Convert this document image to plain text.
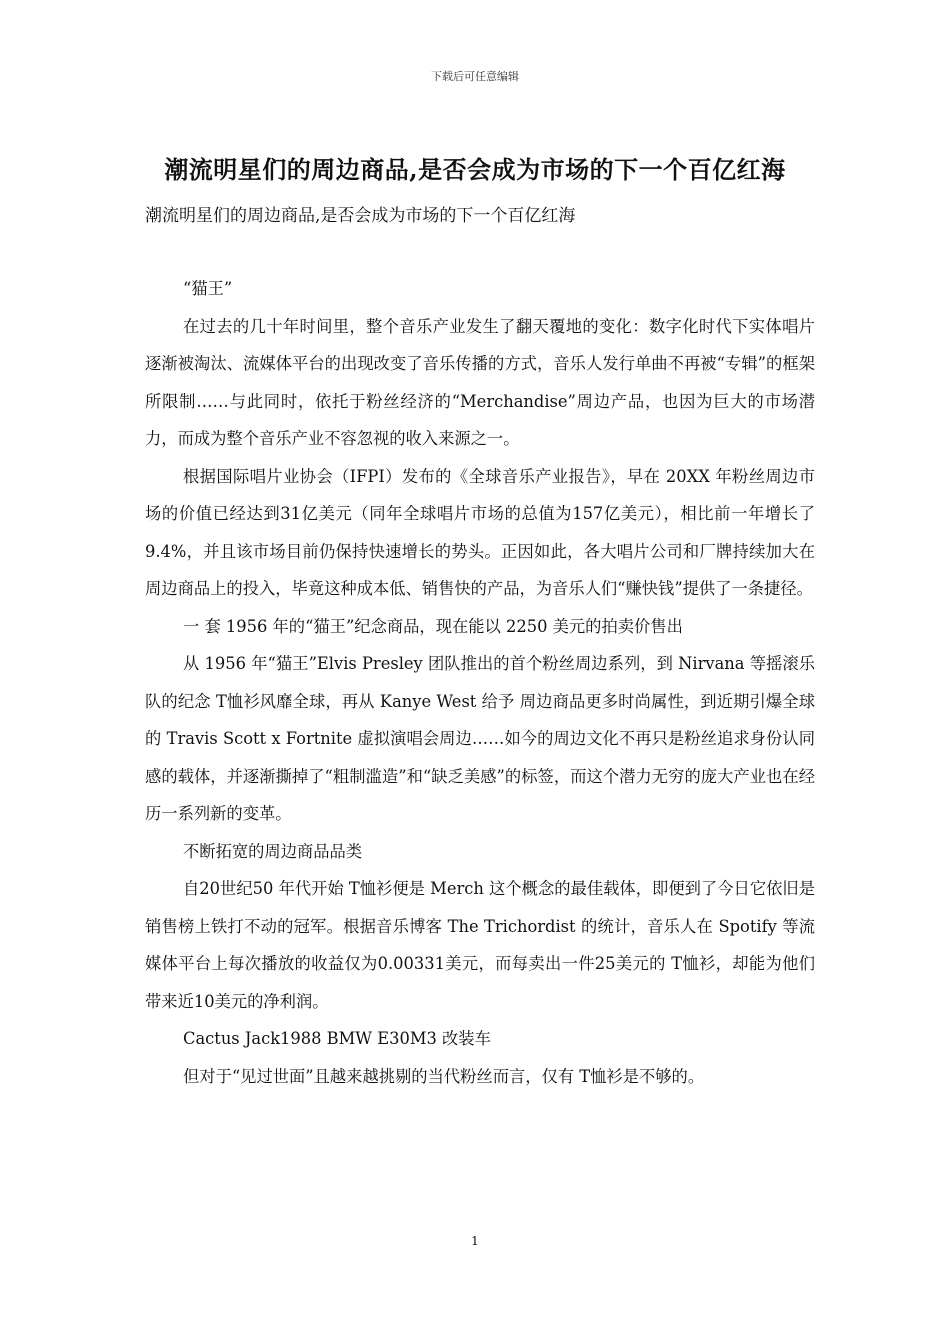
下载后可任意编辑
潮流明星们的周边商品,是否会成为市场的下一个百亿红海
潮流明星们的周边商品,是否会成为市场的下一个百亿红海

“猫王”

在过去的几十年时间里，整个音乐产业发生了翻天覆地的变化：数字化时代下实体唱片逐渐被淘汰、流媒体平台的出现改变了音乐传播的方式，音乐人发行单曲不再被“专辑”的框架所限制……与此同时，依托于粉丝经济的“Merchandise”周边产品，也因为巨大的市场潜力，而成为整个音乐产业不容忽视的收入来源之一。

根据国际唱片业协会（IFPI）发布的《全球音乐产业报告》，早在 20XX 年粉丝周边市场的价值已经达到31亿美元（同年全球唱片市场的总值为157亿美元），相比前一年增长了 9.4%，并且该市场目前仍保持快速增长的势头。正因如此，各大唱片公司和厂牌持续加大在周边商品上的投入，毕竟这种成本低、销售快的产品，为音乐人们“赚快钱”提供了一条捷径。

一 套 1956 年的“猫王”纪念商品，现在能以 2250 美元的拍卖价售出

从 1956 年“猫王”Elvis Presley 团队推出的首个粉丝周边系列，到 Nirvana 等摇滚乐队的纪念 T恤衫风靡全球，再从 Kanye West 给予 周边商品更多时尚属性，到近期引爆全球的 Travis Scott x Fortnite 虚拟演唱会周边……如今的周边文化不再只是粉丝追求身份认同感的载体，并逐渐撕掉了“粗制滥造”和“缺乏美感”的标签，而这个潜力无穷的庞大产业也在经历一系列新的变革。

不断拓宽的周边商品品类

自20世纪50 年代开始 T恤衫便是 Merch 这个概念的最佳载体，即便到了今日它依旧是销售榜上铁打不动的冠军。根据音乐博客 The Trichordist 的统计，音乐人在 Spotify 等流媒体平台上每次播放的收益仅为0.00331美元，而每卖出一件25美元的 T恤衫，却能为他们带来近10美元的净利润。

Cactus Jack1988 BMW E30M3 改装车

但对于“见过世面”且越来越挑剔的当代粉丝而言，仅有 T恤衫是不够的。

1
